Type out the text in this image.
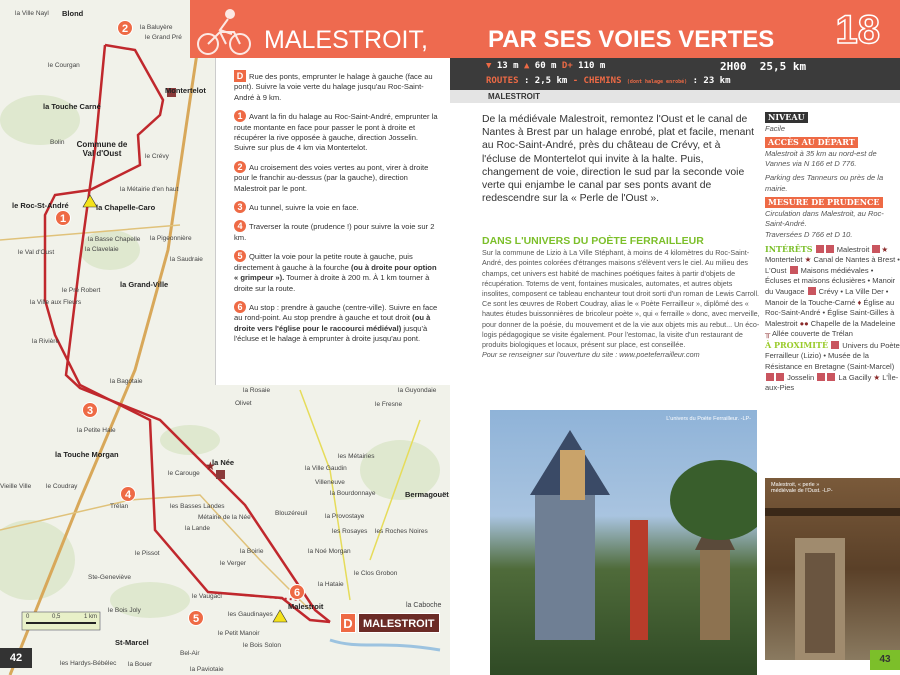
★
0	0,5	1 km
la Ville Nayl Blond
la Baluyère
le Grand Pré
le Courgan
Montertelot
la Touche Carné
Commune de Val d'Oust	le Crévy
la Métairie d'en haut
le Roc-St-André	la Chapelle-Caro
la Basse Chapelle
la Clavelaie
la Pigeonnière
la Saudraie
le Val d'Oust
la Grand-Ville
le Pré Robert
la Ville aux Fleurs
la Rivière
la Bagotaie
la Rosaie	la Guyondaie
Olivet	le Fresne
la Petite Haie
la Touche Morgan
la Née
le Carouge
les Métairies
la Ville Gaudin
Villeneuve
la Bourdonnaye	Bermagouët
le Coudray
Vieille Ville
Trélan	les Basses Landes
Métairie de la Née
la Lande
Blouzéreuil	la Provostaye
les Rosayes les Roches Noires
le Pissot	la Boirie
le Verger
la Noé Morgan
Ste-Geneviève
le Clos Grobon
la Hataie
le Vaugaci
le Bois Joly
les Gaudinayes
Malestroit	la Caboche
St-Marcel
le Petit Manoir
le Bois Solon
les Hardys-Bébélec la Bouer
la Paviotaie
Bel-Air
Bolin
1
2
3
4
5
6
D MALESTROIT
42
MALESTROIT,	PAR SES VOIES VERTES 18
▼ 13 m ▲ 60 m D+ 110 m	2H00 25,5 km
ROUTES : 2,5 km - CHEMINS (dont halage enrobé) : 23 km
MALESTROIT

D Rue des ponts, emprunter le halage à gauche (face au pont). Suivre la voie verte du halage jusqu'au Roc-Saint-André à 9 km.

1 Avant la fin du halage au Roc-Saint-André, emprunter la route montante en face pour passer le pont à droite et récupérer la rive opposée à gauche, direction Josselin. Suivre sur plus de 4 km via Montertelot.

2 Au croisement des voies vertes au pont, virer à droite pour le franchir au-dessus (par la gauche), direction Malestroit par le pont.

3 Au tunnel, suivre la voie en face.

4 Traverser la route (prudence !) pour suivre la voie sur 2 km.

5 Quitter la voie pour la petite route à gauche, puis directement à gauche à la fourche (ou à droite pour option « grimpeur »). Tourner à droite à 200 m. À 1 km tourner à droite sur la route.

6 Au stop : prendre à gauche (centre-ville). Suivre en face au rond-point. Au stop prendre à gauche et tout droit (ou à droite vers l'église pour le raccourci médiéval) jusqu'à l'écluse et le halage à emprunter à droite jusqu'au pont.

De la médiévale Malestroit, remontez l'Oust et le canal de Nantes à Brest par un halage enrobé, plat et facile, menant au Roc-Saint-André, près du château de Crévy, et à l'écluse de Montertelot qui invite à la halte. Puis, changement de voie, direction le sud par la seconde voie verte qui enjambe le canal par ses ponts avant de redescendre sur la « Perle de l'Oust ».
DANS L'UNIVERS DU POÈTE FERRAILLEUR

Sur la commune de Lizio à La Ville Stéphant, à moins de 4 kilomètres du Roc-Saint-André, des pointes colorées d'étranges maisons s'élèvent vers le ciel. Au milieu des champs, cet univers est habité de machines poétiques faites à partir d'objets de récupération. Totems de vent, fontaines musicales, automates, et autres objets insolites, composent ce tableau enchanteur tout droit sorti d'un roman de Lewis Carroll. Ce sont les œuvres de Robert Coudray, alias le « Poète Ferrailleur », diplômé des « hautes études buissonnières de bricoleur poète », qui « ferraille » donc, avec merveille, pour donner de la poésie, du mouvement et de la vie aux objets mis au rebut... Un éco-logis pédagogique se visite également. Pour l'estomac, la visite d'un restaurant de produits biologiques et locaux, présent sur place, est conseillée.

Pour se renseigner sur l'ouverture du site : www.poeteferrailleur.com

NIVEAU
Facile
ACCÈS AU DÉPART
Malestroit à 35 km au nord-est de Vannes via N 166 et D 776.
Parking des Tanneurs ou près de la mairie.
MESURE DE PRUDENCE
Circulation dans Malestroit, au Roc-Saint-André.
Traversées D 766 et D 10.
INTÉRÊTS	Malestroit ★ Montertelot ★ Canal de Nantes à Brest • L'Oust Maisons médiévales • Écluses et maisons éclusières • Manoir du Vaugace Crévy • La Ville Der • Manoir de la Touche-Carné ♦ Église au Roc-Saint-André • Église Saint-Gilles à Malestroit ●● Chapelle de la Madeleine ╥ Allée couverte de Trélan
À PROXIMITÉ Univers du Poète Ferrailleur (Lizio) • Musée de la Résistance en Bretagne (Saint-Marcel)  Josselin	La Gacilly ★ L'Île-aux-Pies
L'univers du Poète Ferrailleur. -LP-
Malestroit, « perle » médiévale de l'Oust. -LP-
43
